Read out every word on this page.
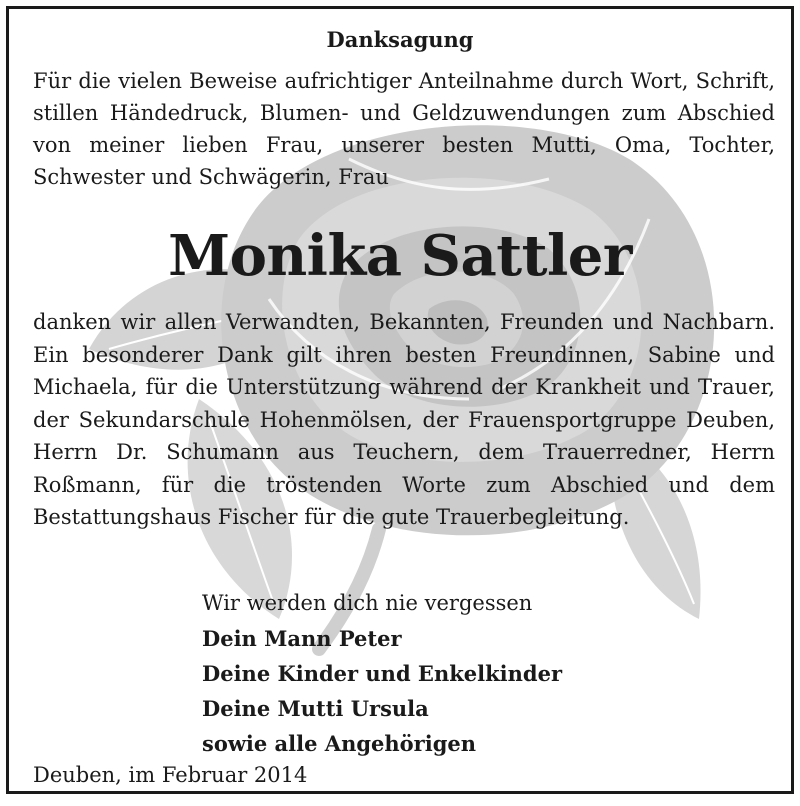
Danksagung

Für die vielen Beweise aufrichtiger Anteilnahme durch Wort, Schrift, stillen Händedruck, Blumen- und Geldzuwendungen zum Abschied von meiner lieben Frau, unserer besten Mutti, Oma, Tochter, Schwester und Schwägerin, Frau

Monika Sattler

danken wir allen Verwandten, Bekannten, Freunden und Nachbarn. Ein besonderer Dank gilt ihren besten Freundinnen, Sabine und Michaela, für die Unterstützung während der Krankheit und Trauer, der Sekundarschule Hohenmölsen, der Frauensportgruppe Deuben, Herrn Dr. Schumann aus Teuchern, dem Trauerredner, Herrn Roßmann, für die tröstenden Worte zum Abschied und dem Bestattungshaus Fischer für die gute Trauerbegleitung.

Wir werden dich nie vergessen
Dein Mann Peter
Deine Kinder und Enkelkinder
Deine Mutti Ursula
sowie alle Angehörigen

Deuben, im Februar 2014
